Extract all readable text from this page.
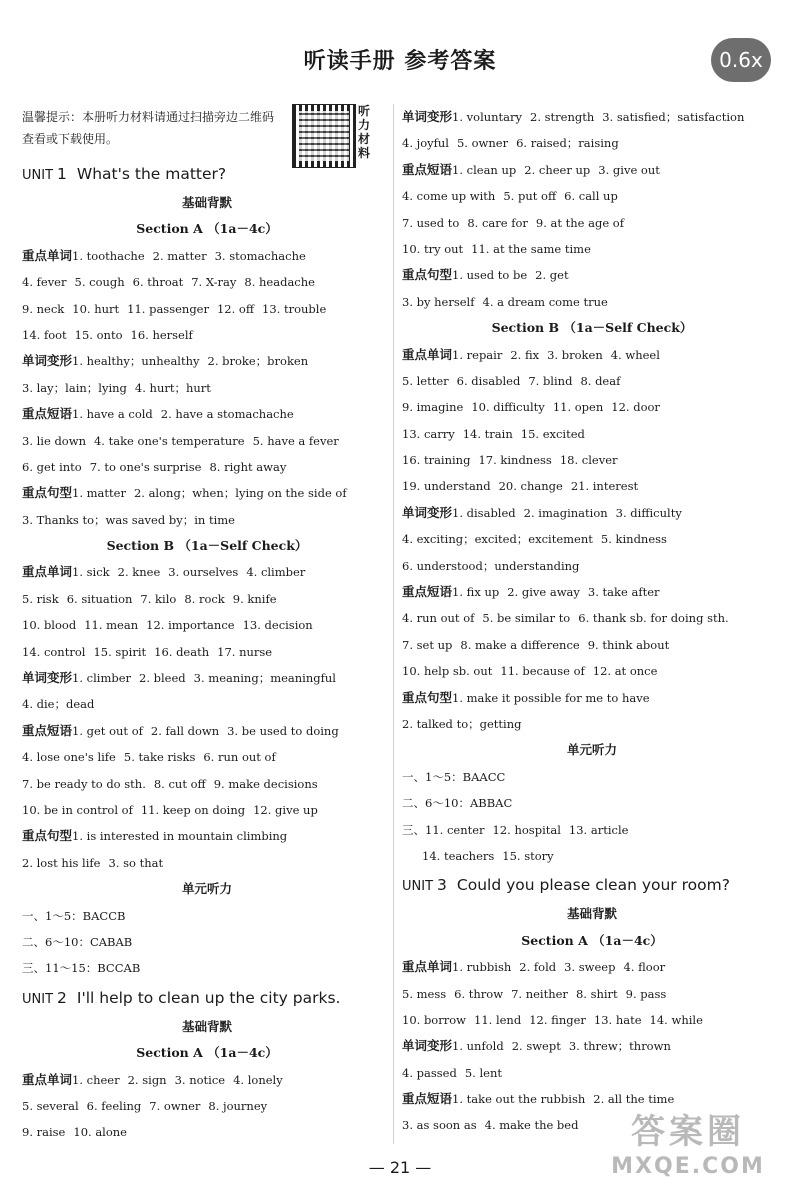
听读手册 参考答案	0.6x
温馨提示：本册听力材料请通过扫描旁边二维码查看或下载使用。
听力材料
UNIT 1 What's the matter?
基础背默
Section A （1a－4c）
重点单词1. toothache 2. matter 3. stomachache
4. fever 5. cough 6. throat 7. X-ray 8. headache
9. neck 10. hurt 11. passenger 12. off 13. trouble
14. foot 15. onto 16. herself
单词变形1. healthy；unhealthy 2. broke；broken
3. lay；lain；lying 4. hurt；hurt
重点短语1. have a cold 2. have a stomachache
3. lie down 4. take one's temperature 5. have a fever
6. get into 7. to one's surprise 8. right away
重点句型1. matter 2. along；when；lying on the side of
3. Thanks to；was saved by；in time
Section B （1a－Self Check）
重点单词1. sick 2. knee 3. ourselves 4. climber
5. risk 6. situation 7. kilo 8. rock 9. knife
10. blood 11. mean 12. importance 13. decision
14. control 15. spirit 16. death 17. nurse
单词变形1. climber 2. bleed 3. meaning；meaningful
4. die；dead
重点短语1. get out of 2. fall down 3. be used to doing
4. lose one's life 5. take risks 6. run out of
7. be ready to do sth. 8. cut off 9. make decisions
10. be in control of 11. keep on doing 12. give up
重点句型1. is interested in mountain climbing
2. lost his life 3. so that
单元听力
一、1～5：BACCB
二、6～10：CABAB
三、11～15：BCCAB
UNIT 2 I'll help to clean up the city parks.
基础背默
Section A （1a－4c）
重点单词1. cheer 2. sign 3. notice 4. lonely
5. several 6. feeling 7. owner 8. journey
9. raise 10. alone
单词变形1. voluntary 2. strength 3. satisfied；satisfaction
4. joyful 5. owner 6. raised；raising
重点短语1. clean up 2. cheer up 3. give out
4. come up with 5. put off 6. call up
7. used to 8. care for 9. at the age of
10. try out 11. at the same time
重点句型1. used to be 2. get
3. by herself 4. a dream come true
Section B （1a－Self Check）
重点单词1. repair 2. fix 3. broken 4. wheel
5. letter 6. disabled 7. blind 8. deaf
9. imagine 10. difficulty 11. open 12. door
13. carry 14. train 15. excited
16. training 17. kindness 18. clever
19. understand 20. change 21. interest
单词变形1. disabled 2. imagination 3. difficulty
4. exciting；excited；excitement 5. kindness
6. understood；understanding
重点短语1. fix up 2. give away 3. take after
4. run out of 5. be similar to 6. thank sb. for doing sth.
7. set up 8. make a difference 9. think about
10. help sb. out 11. because of 12. at once
重点句型1. make it possible for me to have
2. talked to；getting
单元听力
一、1～5：BAACC
二、6～10：ABBAC
三、11. center 12. hospital 13. article
14. teachers 15. story
UNIT 3 Could you please clean your room?
基础背默
Section A （1a－4c）
重点单词1. rubbish 2. fold 3. sweep 4. floor
5. mess 6. throw 7. neither 8. shirt 9. pass
10. borrow 11. lend 12. finger 13. hate 14. while
单词变形1. unfold 2. swept 3. threw；thrown
4. passed 5. lent
重点短语1. take out the rubbish 2. all the time
3. as soon as 4. make the bed
— 21 —
答案圈
MXQE.COM
